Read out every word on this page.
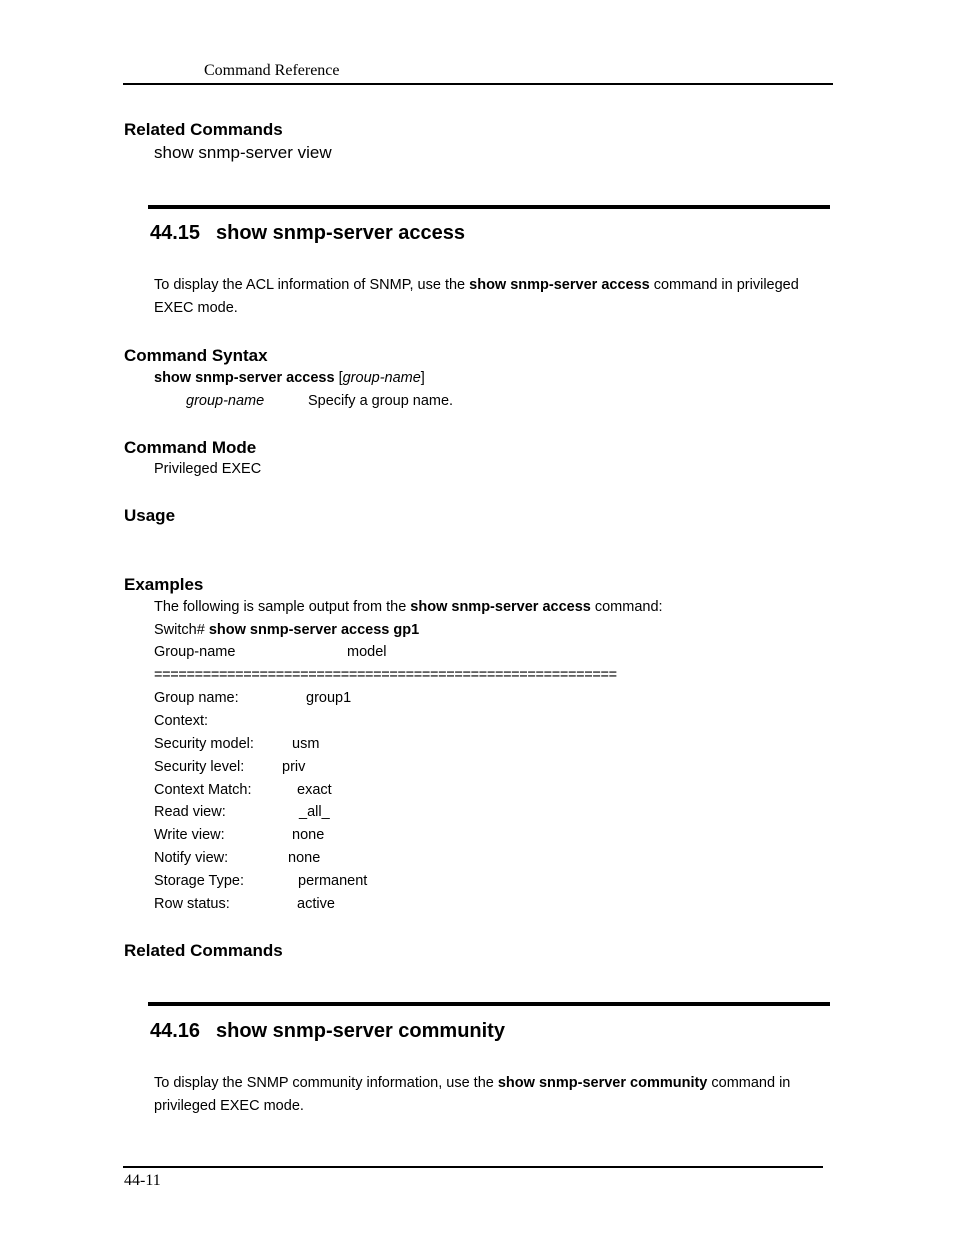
Command Reference
Related Commands
show snmp-server view
44.15 show snmp-server access
To display the ACL information of SNMP, use the show snmp-server access command in privileged
EXEC mode.
Command Syntax
show snmp-server access [group-name]
group-name	Specify a group name.
Command Mode
Privileged EXEC
Usage
Examples
The following is sample output from the show snmp-server access command:
Switch# show snmp-server access gp1
Group-name	model
=========================================================
Group name:	group1
Context:
Security model:	usm
Security level:	priv
Context Match:	exact
Read view:	_all_
Write view:	none
Notify view:	none
Storage Type:	permanent
Row status:	active
Related Commands
44.16 show snmp-server community
To display the SNMP community information, use the show snmp-server community command in
privileged EXEC mode.
44-11
